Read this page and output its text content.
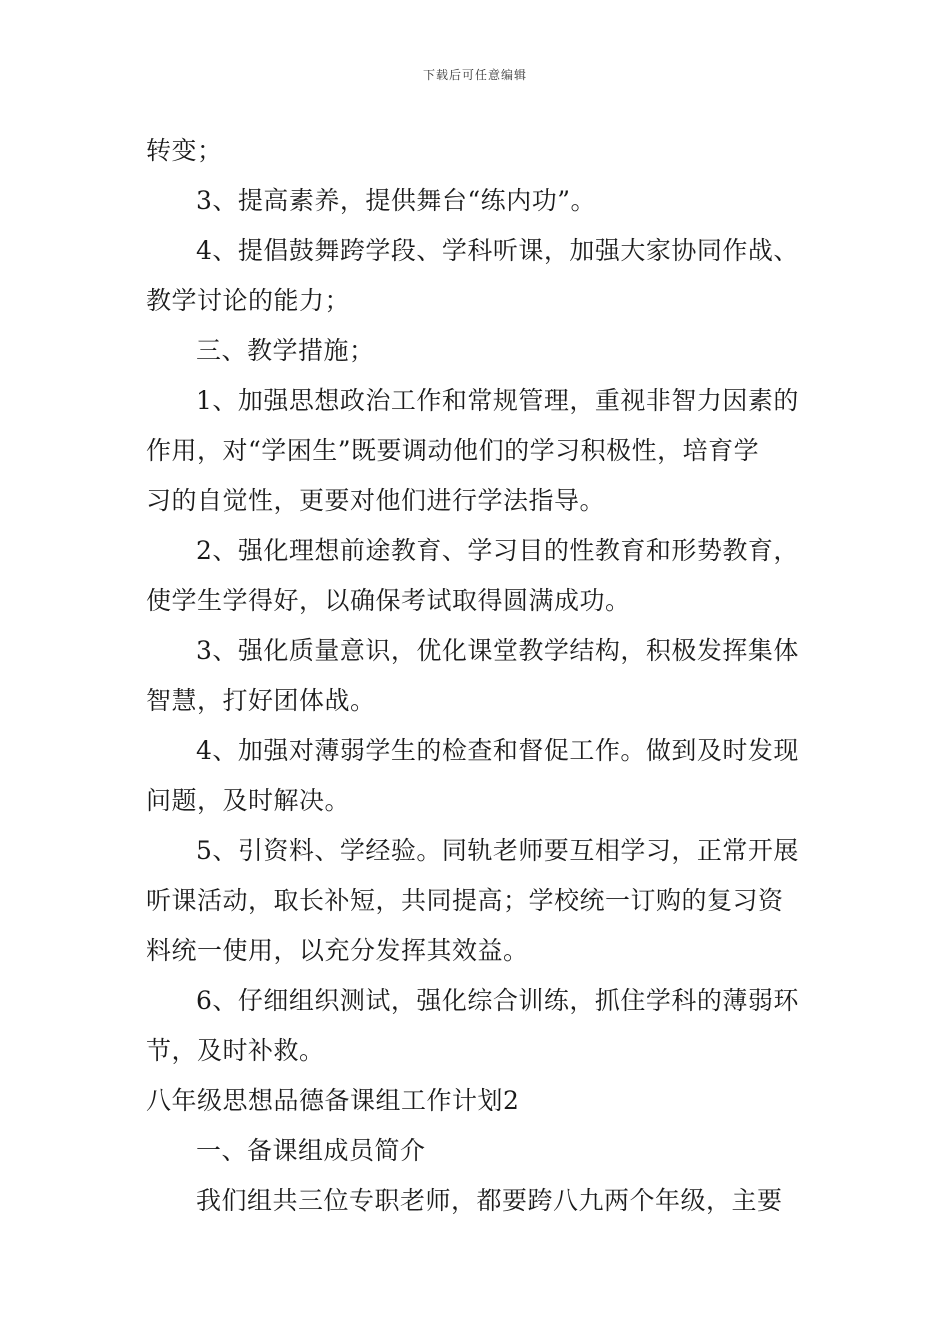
下载后可任意编辑
转变；
3、提高素养，提供舞台“练内功”。
4、提倡鼓舞跨学段、学科听课，加强大家协同作战、
教学讨论的能力；
三、教学措施；
1、加强思想政治工作和常规管理，重视非智力因素的
作用，对“学困生”既要调动他们的学习积极性，培育学
习的自觉性，更要对他们进行学法指导。
2、强化理想前途教育、学习目的性教育和形势教育，
使学生学得好，以确保考试取得圆满成功。
3、强化质量意识，优化课堂教学结构，积极发挥集体
智慧，打好团体战。
4、加强对薄弱学生的检查和督促工作。做到及时发现
问题，及时解决。
5、引资料、学经验。同轨老师要互相学习，正常开展
听课活动，取长补短，共同提高；学校统一订购的复习资
料统一使用，以充分发挥其效益。
6、仔细组织测试，强化综合训练，抓住学科的薄弱环
节，及时补救。
八年级思想品德备课组工作计划2
一、备课组成员简介
我们组共三位专职老师，都要跨八九两个年级，主要
